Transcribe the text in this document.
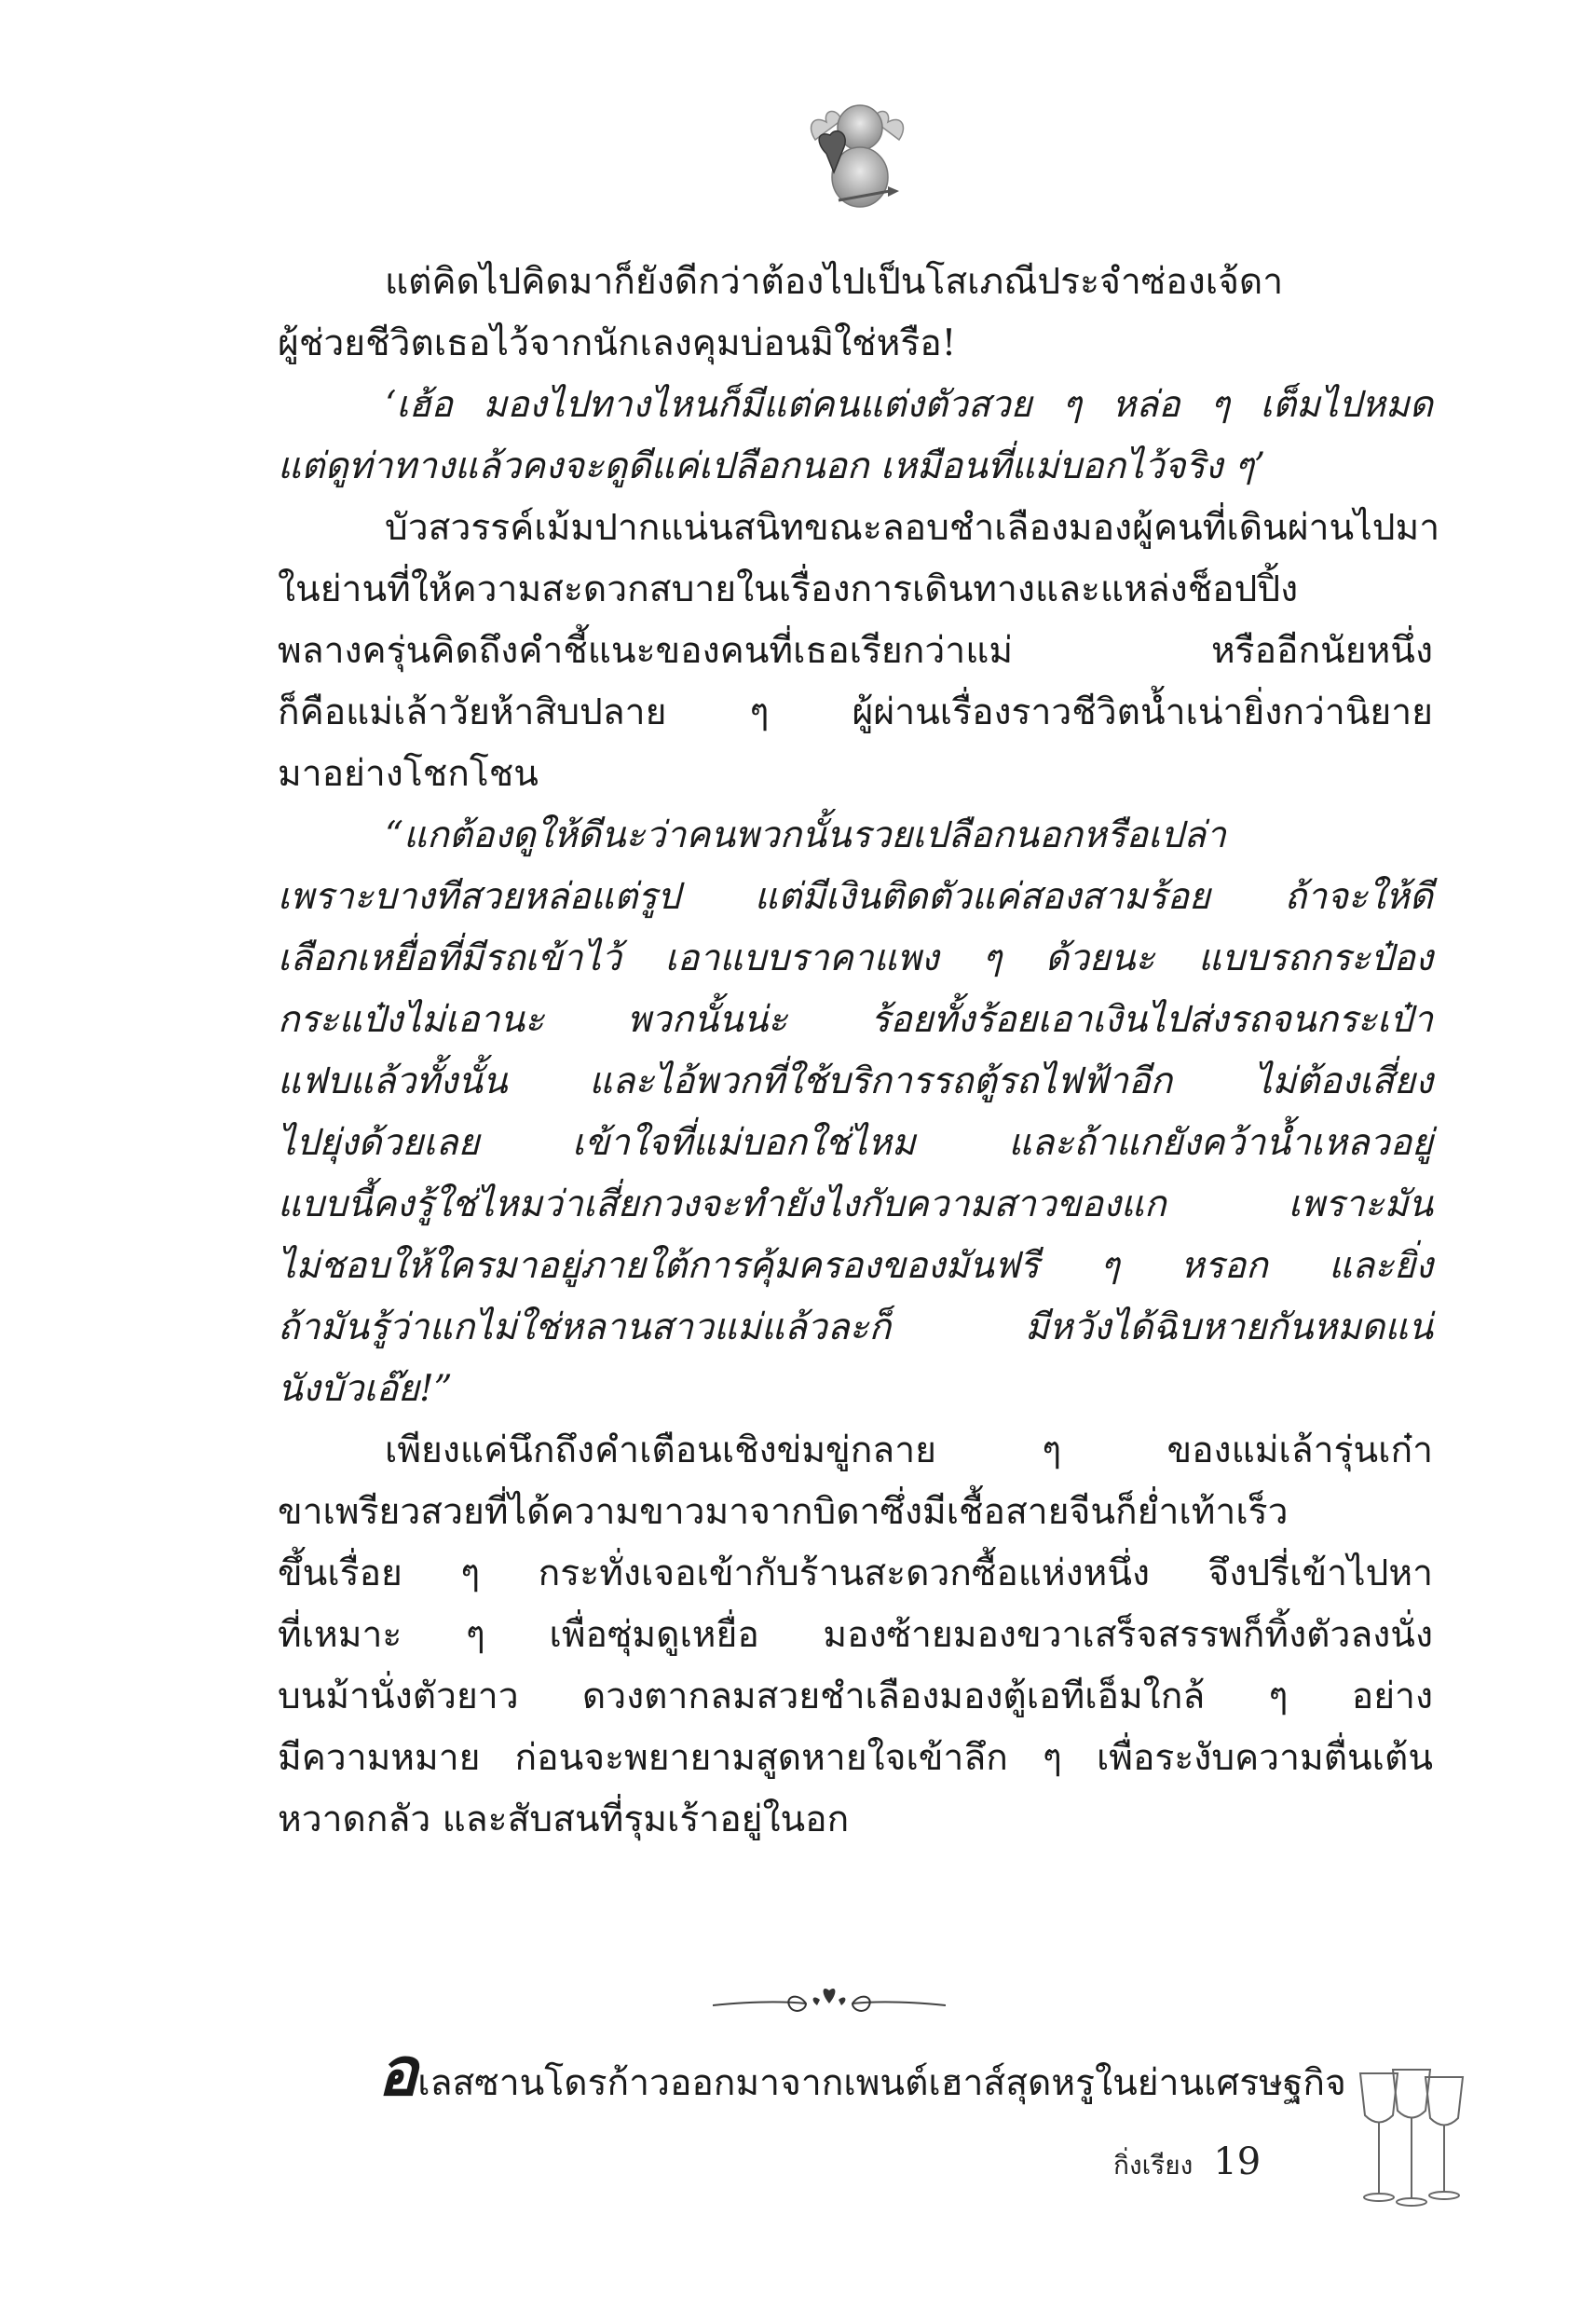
แต่คิดไปคิดมาก็ยังดีกว่าต้องไปเป็นโสเภณีประจำซ่องเจ้ดา
ผู้ช่วยชีวิตเธอไว้จากนักเลงคุมบ่อนมิใช่หรือ!
‘เฮ้อ มองไปทางไหนก็มีแต่คนแต่งตัวสวย ๆ หล่อ ๆ เต็มไปหมด
แต่ดูท่าทางแล้วคงจะดูดีแค่เปลือกนอก เหมือนที่แม่บอกไว้จริง ๆ’
บัวสวรรค์เม้มปากแน่นสนิทขณะลอบชำเลืองมองผู้คนที่เดินผ่านไปมา
ในย่านที่ให้ความสะดวกสบายในเรื่องการเดินทางและแหล่งช็อปปิ้ง
พลางครุ่นคิดถึงคำชี้แนะของคนที่เธอเรียกว่าแม่ หรืออีกนัยหนึ่ง
ก็คือแม่เล้าวัยห้าสิบปลาย ๆ ผู้ผ่านเรื่องราวชีวิตน้ำเน่ายิ่งกว่านิยาย
มาอย่างโชกโชน
“แกต้องดูให้ดีนะว่าคนพวกนั้นรวยเปลือกนอกหรือเปล่า
เพราะบางทีสวยหล่อแต่รูป แต่มีเงินติดตัวแค่สองสามร้อย ถ้าจะให้ดี
เลือกเหยื่อที่มีรถเข้าไว้ เอาแบบราคาแพง ๆ ด้วยนะ แบบรถกระป๋อง
กระแป๋งไม่เอานะ พวกนั้นน่ะ ร้อยทั้งร้อยเอาเงินไปส่งรถจนกระเป๋า
แฟบแล้วทั้งนั้น และไอ้พวกที่ใช้บริการรถตู้รถไฟฟ้าอีก ไม่ต้องเสี่ยง
ไปยุ่งด้วยเลย เข้าใจที่แม่บอกใช่ไหม และถ้าแกยังคว้าน้ำเหลวอยู่
แบบนี้คงรู้ใช่ไหมว่าเสี่ยกวงจะทำยังไงกับความสาวของแก เพราะมัน
ไม่ชอบให้ใครมาอยู่ภายใต้การคุ้มครองของมันฟรี ๆ หรอก และยิ่ง
ถ้ามันรู้ว่าแกไม่ใช่หลานสาวแม่แล้วละก็ มีหวังได้ฉิบหายกันหมดแน่
นังบัวเอ๊ย!”
เพียงแค่นึกถึงคำเตือนเชิงข่มขู่กลาย ๆ ของแม่เล้ารุ่นเก๋า
ขาเพรียวสวยที่ได้ความขาวมาจากบิดาซึ่งมีเชื้อสายจีนก็ย่ำเท้าเร็ว
ขึ้นเรื่อย ๆ กระทั่งเจอเข้ากับร้านสะดวกซื้อแห่งหนึ่ง จึงปรี่เข้าไปหา
ที่เหมาะ ๆ เพื่อซุ่มดูเหยื่อ มองซ้ายมองขวาเสร็จสรรพก็ทิ้งตัวลงนั่ง
บนม้านั่งตัวยาว ดวงตากลมสวยชำเลืองมองตู้เอทีเอ็มใกล้ ๆ อย่าง
มีความหมาย ก่อนจะพยายามสูดหายใจเข้าลึก ๆ เพื่อระงับความตื่นเต้น
หวาดกลัว และสับสนที่รุมเร้าอยู่ในอก
อเลสซานโดรก้าวออกมาจากเพนต์เฮาส์สุดหรูในย่านเศรษฐกิจ
กิ่งเรียง 19
